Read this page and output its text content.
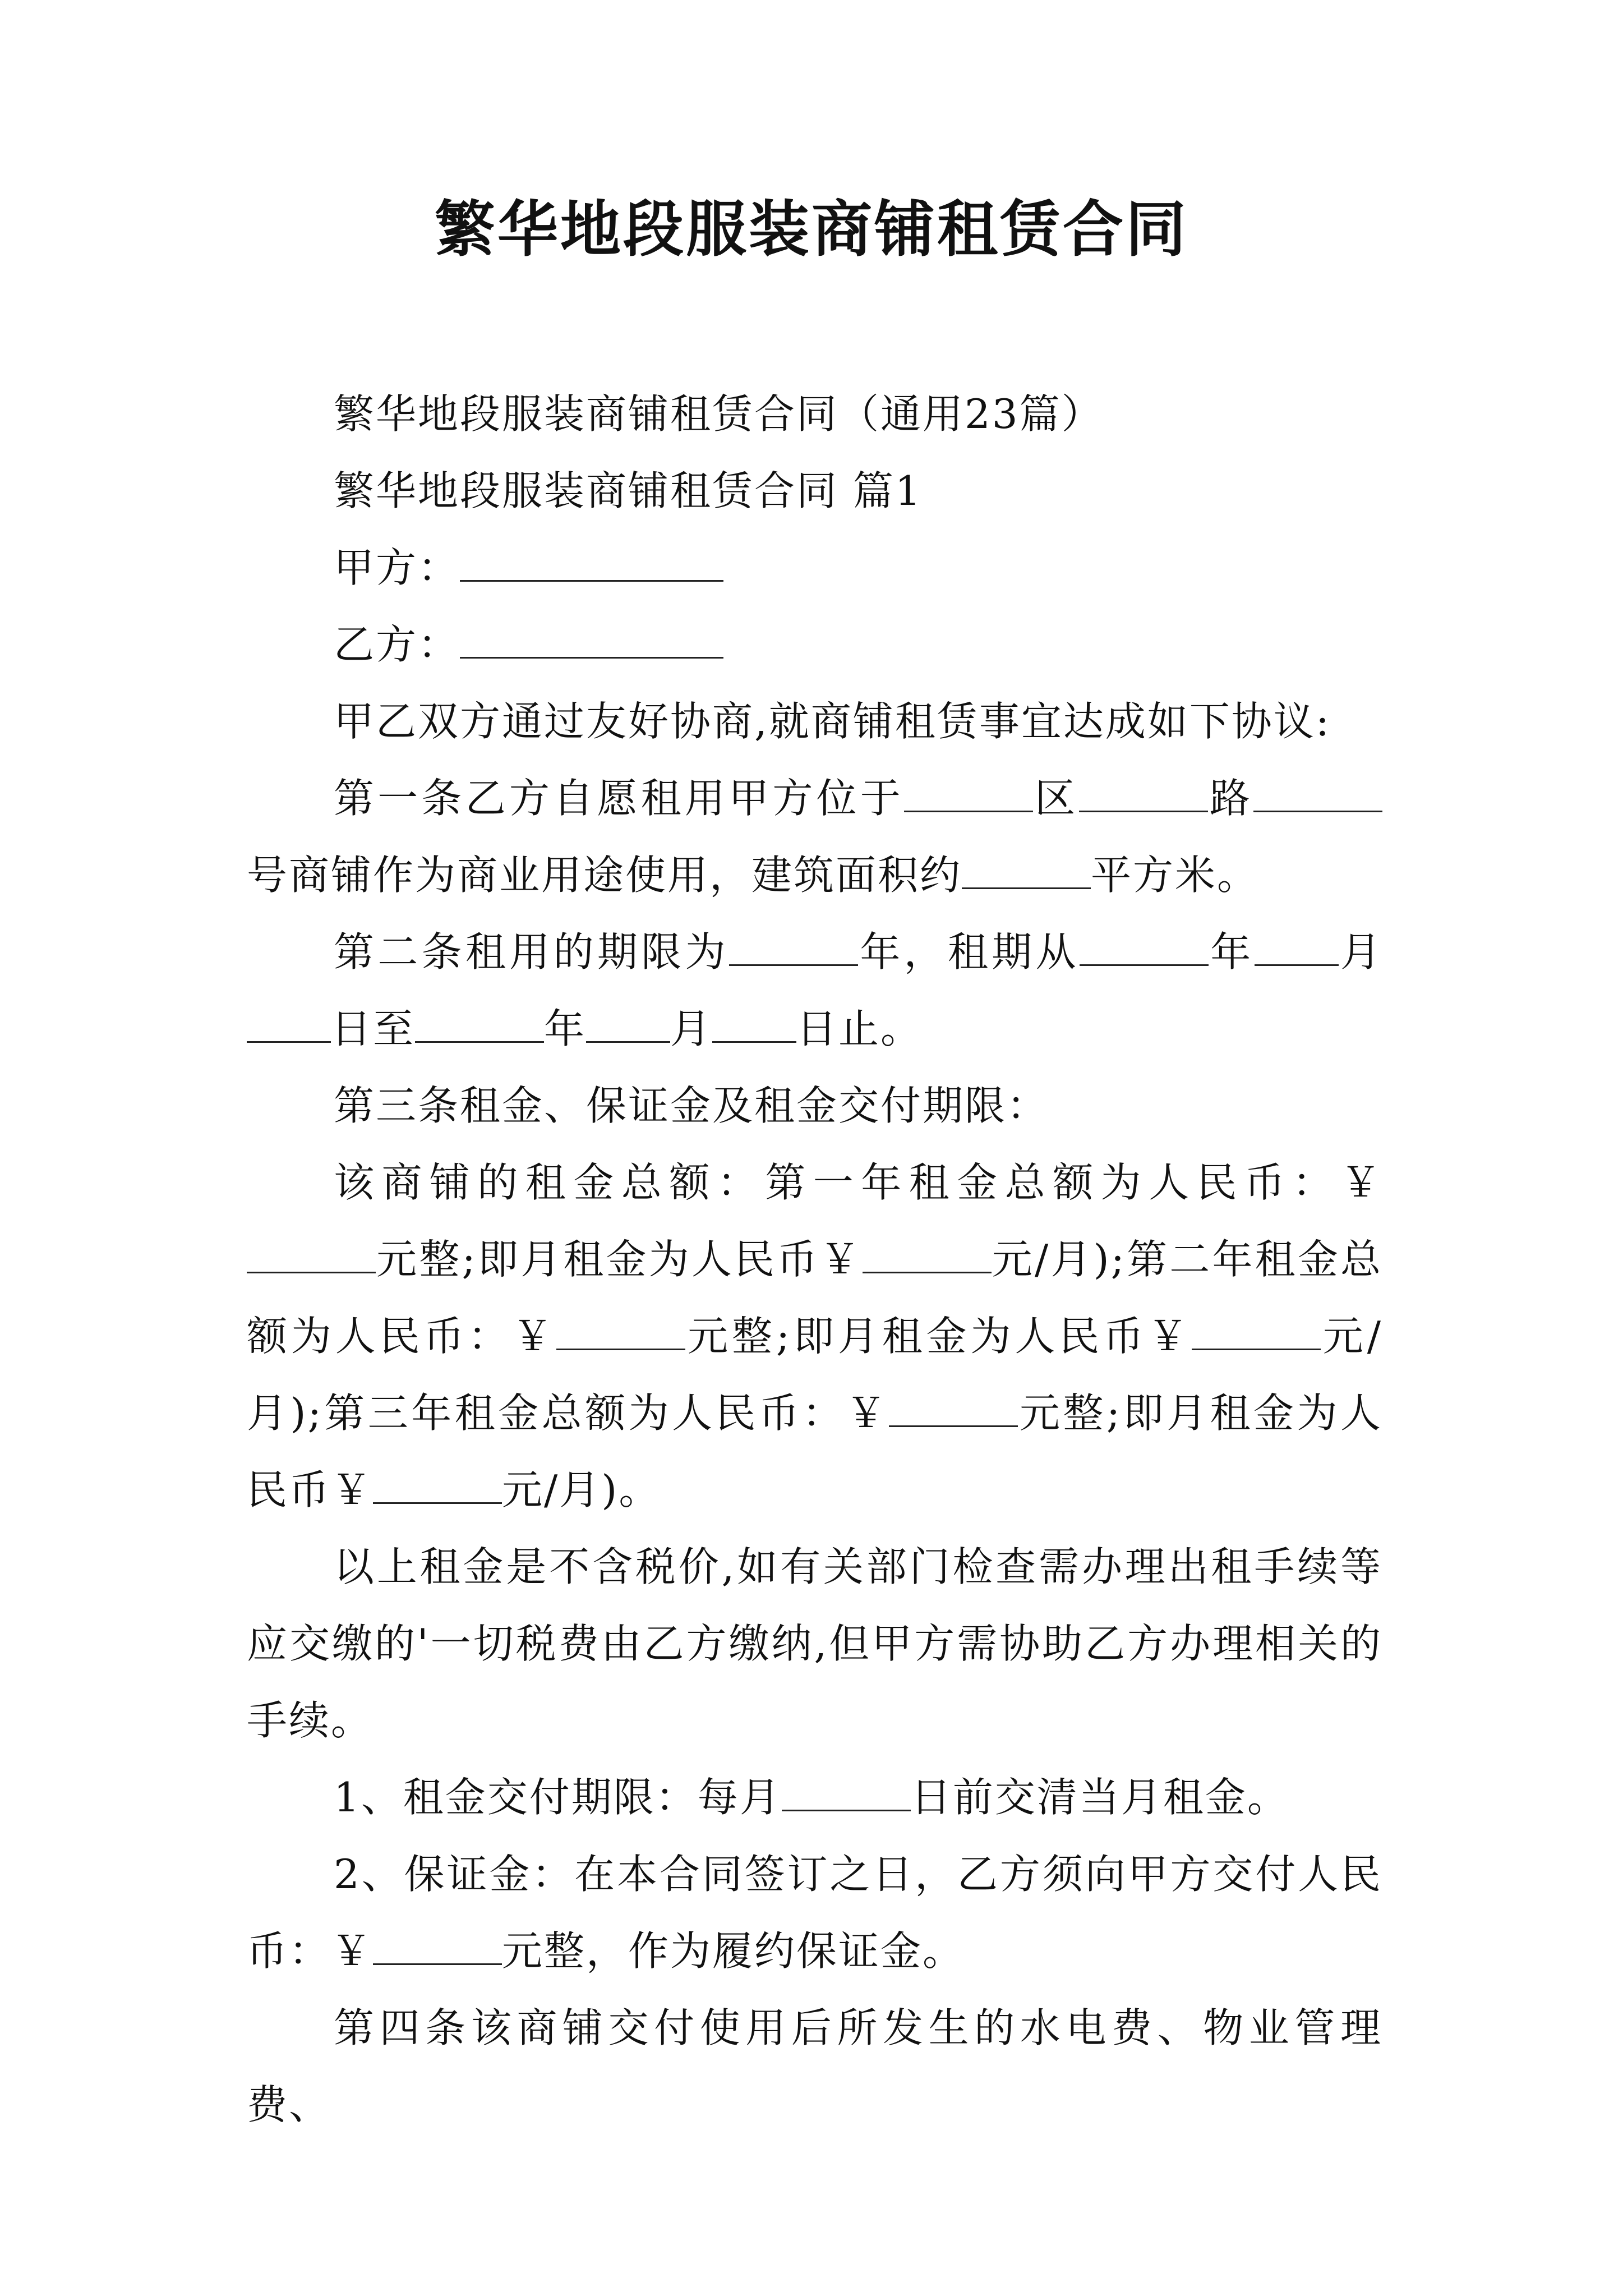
繁华地段服装商铺租赁合同

繁华地段服装商铺租赁合同（通用23篇）

繁华地段服装商铺租赁合同 篇1

甲方：

乙方：

甲乙双方通过友好协商,就商铺租赁事宜达成如下协议:

第一条乙方自愿租用甲方位于	区	路号商铺作为商业用途使用，建筑面积约	平方米。

第二条租用的期限为	年，租期从	年 月日至	年 月 日止。

第三条租金、保证金及租金交付期限：

该商铺的租金总额：第一年租金总额为人民币：￥元整;即月租金为人民币￥	元/月);第二年租金总额为人民币：￥	元整;即月租金为人民币￥	元/月);第三年租金总额为人民币：￥	元整;即月租金为人民币￥	元/月)。

以上租金是不含税价,如有关部门检查需办理出租手续等应交缴的'一切税费由乙方缴纳,但甲方需协助乙方办理相关的手续。

1、租金交付期限：每月	日前交清当月租金。

2、保证金：在本合同签订之日，乙方须向甲方交付人民币：￥	元整，作为履约保证金。

第四条该商铺交付使用后所发生的水电费、物业管理费、
